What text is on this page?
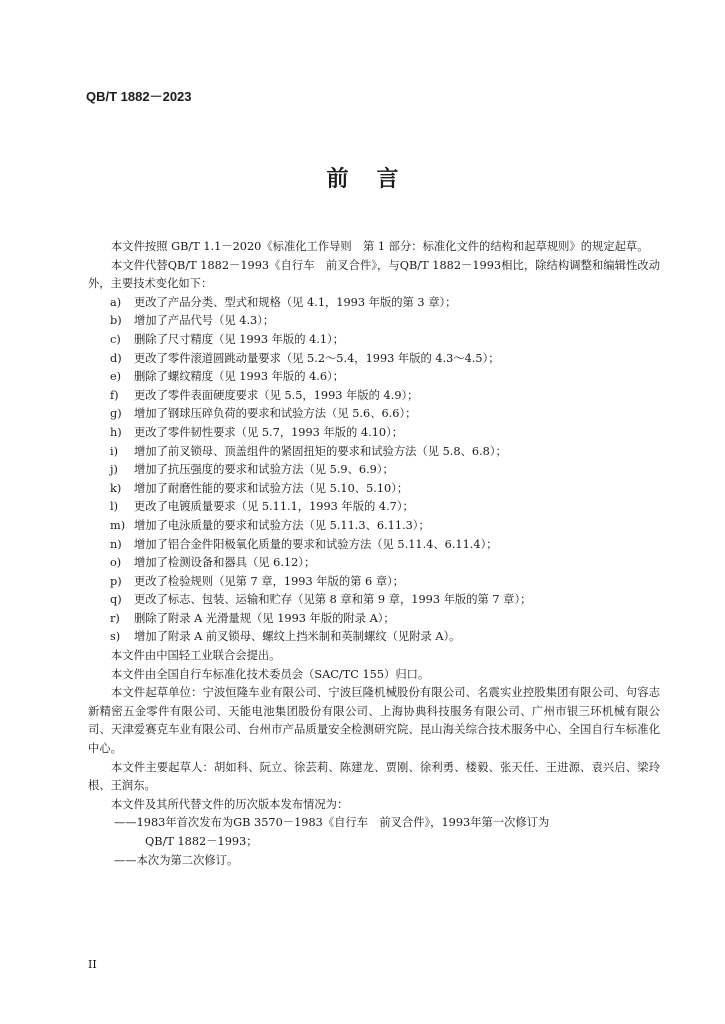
QB/T 1882－2023
前言

本文件按照 GB/T 1.1－2020《标准化工作导则　第 1 部分：标准化文件的结构和起草规则》的规定起草。

本文件代替QB/T 1882－1993《自行车　前叉合件》，与QB/T 1882－1993相比，除结构调整和编辑性改动外，主要技术变化如下：

a)	更改了产品分类、型式和规格（见 4.1，1993 年版的第 3 章）；
b)	增加了产品代号（见 4.3）；
c)	删除了尺寸精度（见 1993 年版的 4.1）；
d)	更改了零件滚道圆跳动量要求（见 5.2～5.4，1993 年版的 4.3～4.5）；
e)	删除了螺纹精度（见 1993 年版的 4.6）；
f)	更改了零件表面硬度要求（见 5.5，1993 年版的 4.9）；
g)	增加了钢球压碎负荷的要求和试验方法（见 5.6、6.6）；
h)	更改了零件韧性要求（见 5.7，1993 年版的 4.10）；
i)	增加了前叉锁母、顶盖组件的紧固扭矩的要求和试验方法（见 5.8、6.8）；
j)	增加了抗压强度的要求和试验方法（见 5.9、6.9）；
k)	增加了耐磨性能的要求和试验方法（见 5.10、5.10）；
l)	更改了电镀质量要求（见 5.11.1，1993 年版的 4.7）；
m) 增加了电泳质量的要求和试验方法（见 5.11.3、6.11.3）；
n)	增加了铝合金件阳极氧化质量的要求和试验方法（见 5.11.4、6.11.4）；
o)	增加了检测设备和器具（见 6.12）；
p)	更改了检验规则（见第 7 章，1993 年版的第 6 章）；
q)	更改了标志、包装、运输和贮存（见第 8 章和第 9 章，1993 年版的第 7 章）；
r)	删除了附录 A 光滑量规（见 1993 年版的附录 A）；
s)	增加了附录 A 前叉锁母、螺纹上挡米制和英制螺纹（见附录 A）。

本文件由中国轻工业联合会提出。

本文件由全国自行车标准化技术委员会（SAC/TC 155）归口。

本文件起草单位：宁波恒隆车业有限公司、宁波巨隆机械股份有限公司、名震实业控股集团有限公司、句容志新精密五金零件有限公司、天能电池集团股份有限公司、上海协典科技服务有限公司、广州市银三环机械有限公司、天津爱赛克车业有限公司、台州市产品质量安全检测研究院、昆山海关综合技术服务中心、全国自行车标准化中心。

本文件主要起草人：胡如科、阮立、徐芸莉、陈建龙、贾刚、徐利勇、楼毅、张天任、王进源、袁兴启、梁玲根、王润东。

本文件及其所代替文件的历次版本发布情况为：

——1983年首次发布为GB 3570－1983《自行车　前叉合件》，1993年第一次修订为
QB/T 1882－1993；
——本次为第二次修订。
II
